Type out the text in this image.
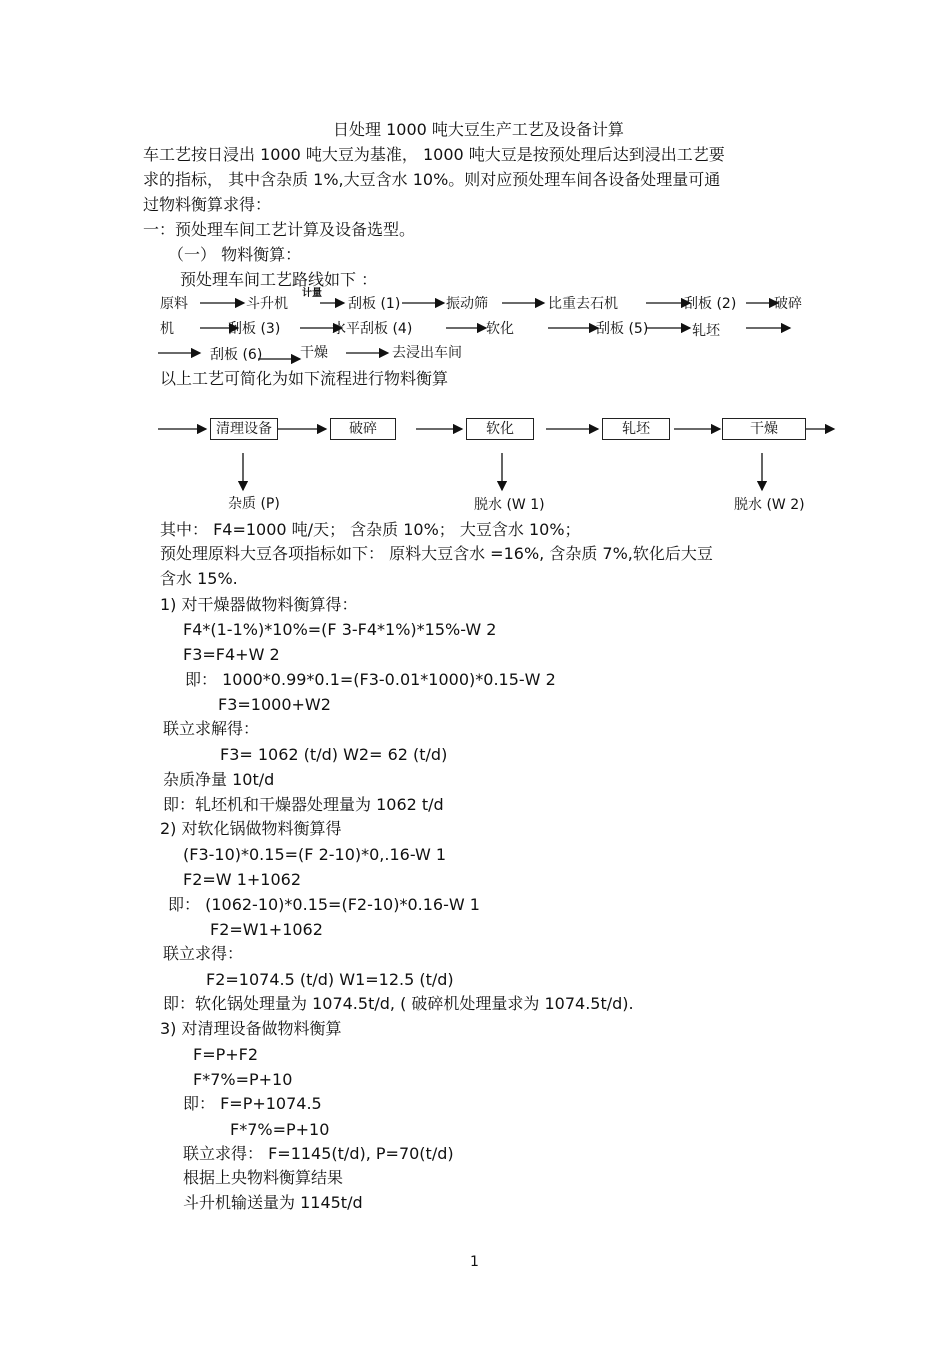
日处理 1000 吨大豆生产工艺及设备计算
车工艺按日浸出 1000 吨大豆为基准， 1000 吨大豆是按预处理后达到浸出工艺要
求的指标， 其中含杂质 1%,大豆含水 10%。则对应预处理车间各设备处理量可通
过物料衡算求得：
一：预处理车间工艺计算及设备选型。
（一） 物料衡算：
预处理车间工艺路线如下 ：
原料	斗升机
计量
刮板 (1)	振动筛	比重去石机	刮板 (2)	破碎
机	刮板 (3)	水平刮板 (4)	软化	刮板 (5)	轧坯
刮板 (6)	干燥	去浸出车间
以上工艺可简化为如下流程进行物料衡算
清理设备	破碎	软化	轧坯	干燥
杂质 (P)	脱水 (W 1)	脱水 (W 2)
其中： F4=1000 吨/天； 含杂质 10%； 大豆含水 10%；
预处理原料大豆各项指标如下： 原料大豆含水 =16%, 含杂质 7%,软化后大豆
含水 15%.
1) 对干燥器做物料衡算得：
F4*(1-1%)*10%=(F 3-F4*1%)*15%-W 2
F3=F4+W 2
即： 1000*0.99*0.1=(F3-0.01*1000)*0.15-W 2
F3=1000+W2
联立求解得：
F3= 1062 (t/d) W2= 62 (t/d)
杂质净量 10t/d
即：轧坯机和干燥器处理量为 1062 t/d
2) 对软化锅做物料衡算得
(F3-10)*0.15=(F 2-10)*0,.16-W 1
F2=W 1+1062
即： (1062-10)*0.15=(F2-10)*0.16-W 1
F2=W1+1062
联立求得：
F2=1074.5 (t/d) W1=12.5 (t/d)
即：软化锅处理量为 1074.5t/d, ( 破碎机处理量求为 1074.5t/d).
3) 对清理设备做物料衡算
F=P+F2
F*7%=P+10
即： F=P+1074.5
F*7%=P+10
联立求得： F=1145(t/d), P=70(t/d)
根据上央物料衡算结果
斗升机输送量为 1145t/d
1
